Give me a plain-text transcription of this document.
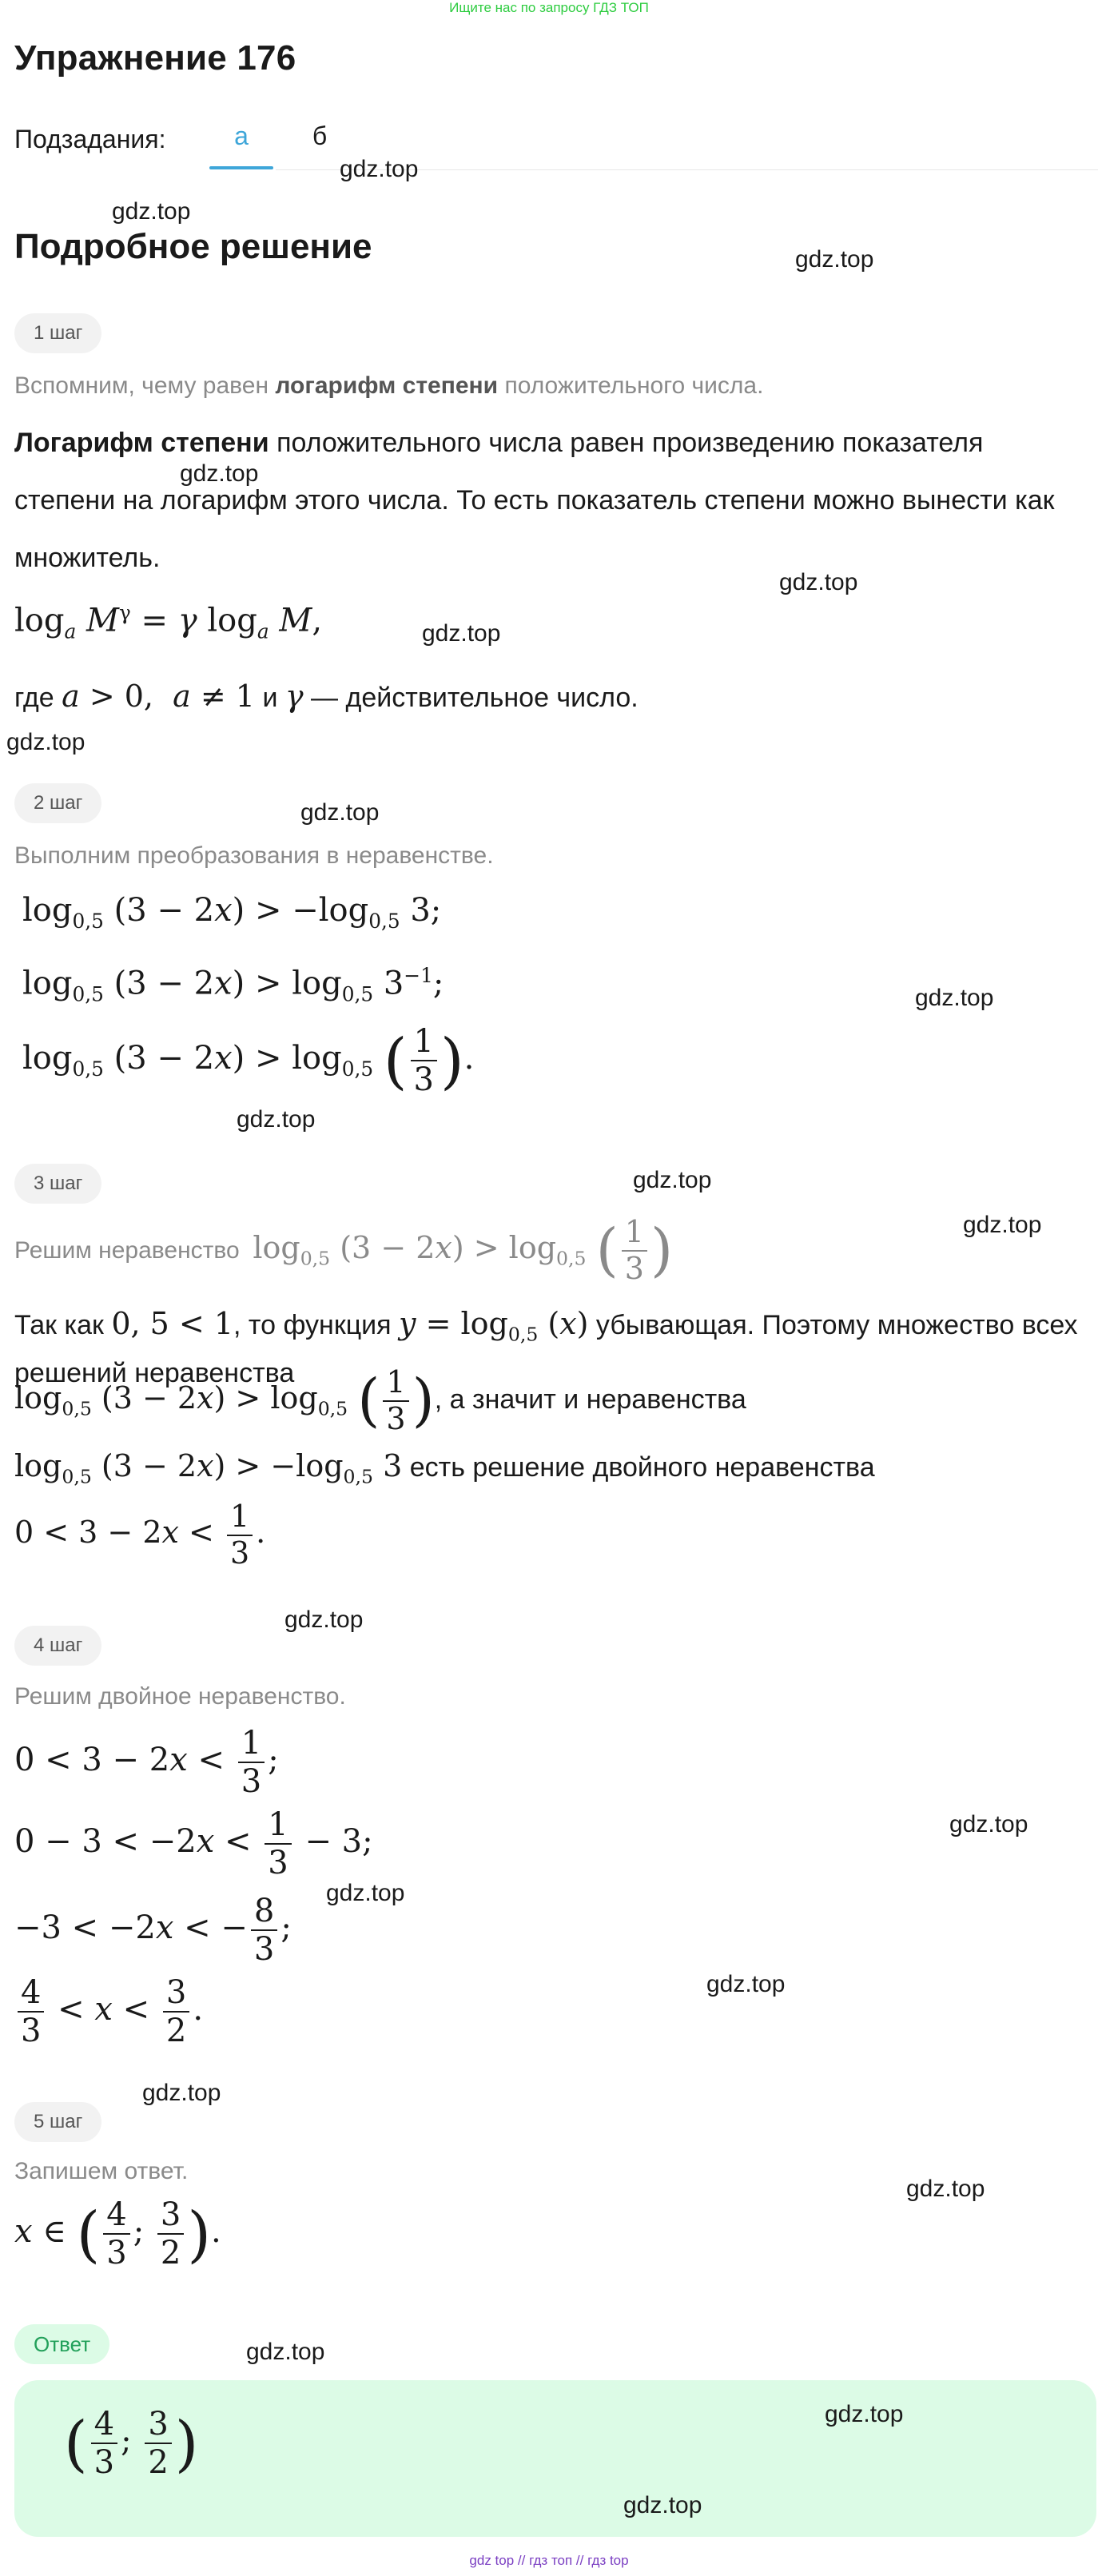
Ищите нас по запросу ГДЗ ТОП
Упражнение 176
Подзадания:	а	б
Подробное решение
1 шаг
Вспомним, чему равен логарифм степени положительного числа.
Логарифм степени положительного числа равен произведению показателя степени на логарифм этого числа. То есть показатель степени можно вынести как множитель.
$\log_a M^\gamma = \gamma$ $\log_a M$,
где a > 0,  a ≠ 1 и γ — действительное число.
2 шаг
Выполним преобразования в неравенстве.
$\log_{0,5} (3 - 2x) > -\log_{0,5}$ 3;
$\log_{0,5} (3 - 2x) > \log_{0,5} 3^{-1}$;
$\log_{0,5} (3 - 2x) > \log_{0,5}$ ( $\frac{1}{3}$ ).
3 шаг
Решим неравенство $\log_{0,5} (3 - 2x) > \log_{0,5}$ ( $\frac{1}{3}$ )
Так как 0, 5 < 1, то функция $y = \log_{0,5} (x)$ убывающая. Поэтому множество всех решений неравенства
$\log_{0,5} (3 - 2x) > \log_{0,5}$ ( $\frac{1}{3}$ ), а значит и неравенства
$\log_{0,5} (3 - 2x) > -\log_{0,5}$ 3 есть решение двойного неравенства
$0 < 3 - 2x < \frac{1}{3}$ .
4 шаг
Решим двойное неравенство.
$0 < 3 - 2x < \frac{1}{3}$ ;
$0 - 3 < -2x < \frac{1}{3} - 3$;
−3 < −2x < − $\frac{8}{3}$ ;
$\frac{4}{3} < x < \frac{3}{2}$ .
5 шаг
Запишем ответ.
x ∈ ( $\frac{4}{3}$ ; $\frac{3}{2}$ ).
Ответ
( $\frac{4}{3}$ ; $\frac{3}{2}$ )
gdz.top
gdz.top
gdz.top
gdz.top
gdz.top
gdz.top
gdz.top
gdz.top
gdz.top
gdz.top
gdz.top
gdz.top
gdz.top
gdz.top
gdz.top
gdz.top
gdz.top
gdz.top
gdz.top
gdz.top
gdz.top
gdz top // гдз топ // гдз top
